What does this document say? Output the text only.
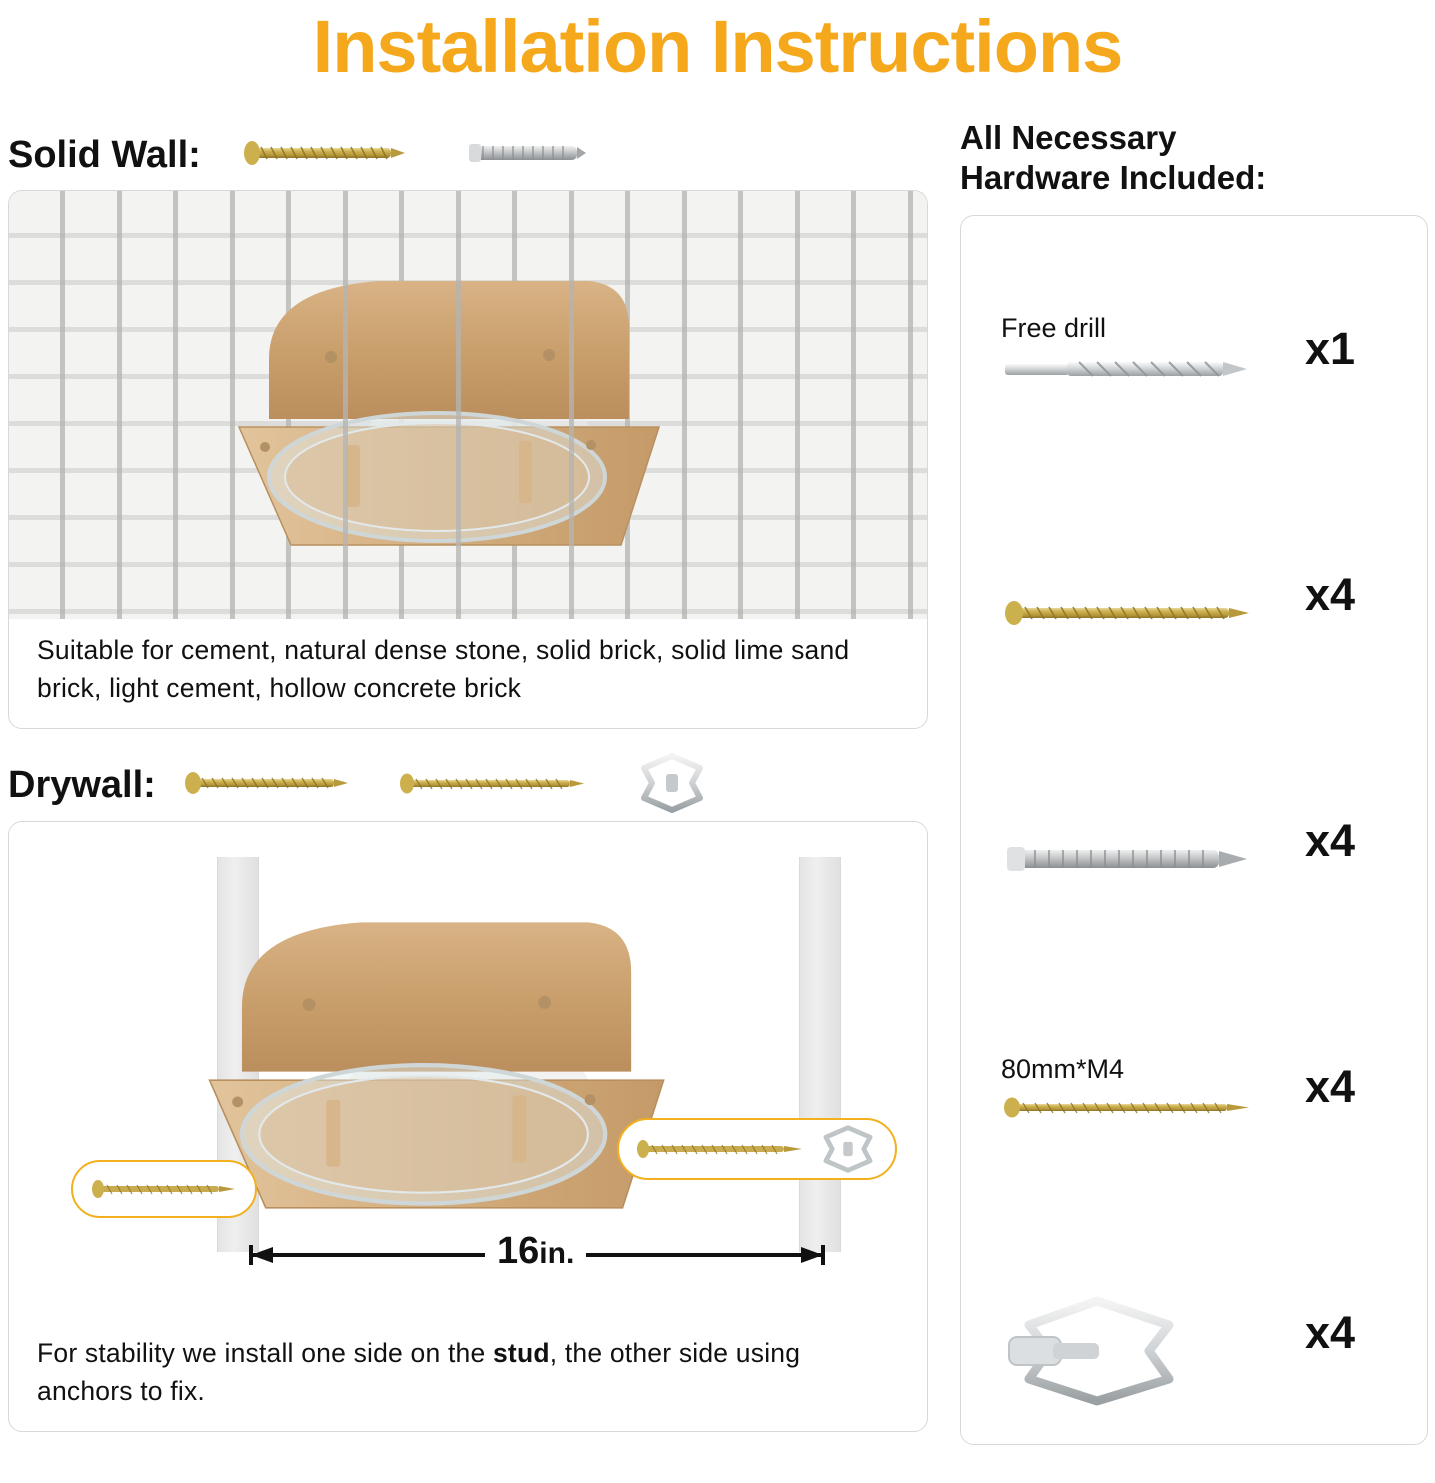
Installation Instructions
Solid Wall:
Suitable for cement, natural dense stone, solid brick, solid lime sand brick, light cement, hollow concrete brick
Drywall:
16in.
For stability we install one side on the stud, the other side using anchors to fix.
All Necessary
Hardware Included:
Free drill	x1
x4
x4
80mm*M4	x4
x4
